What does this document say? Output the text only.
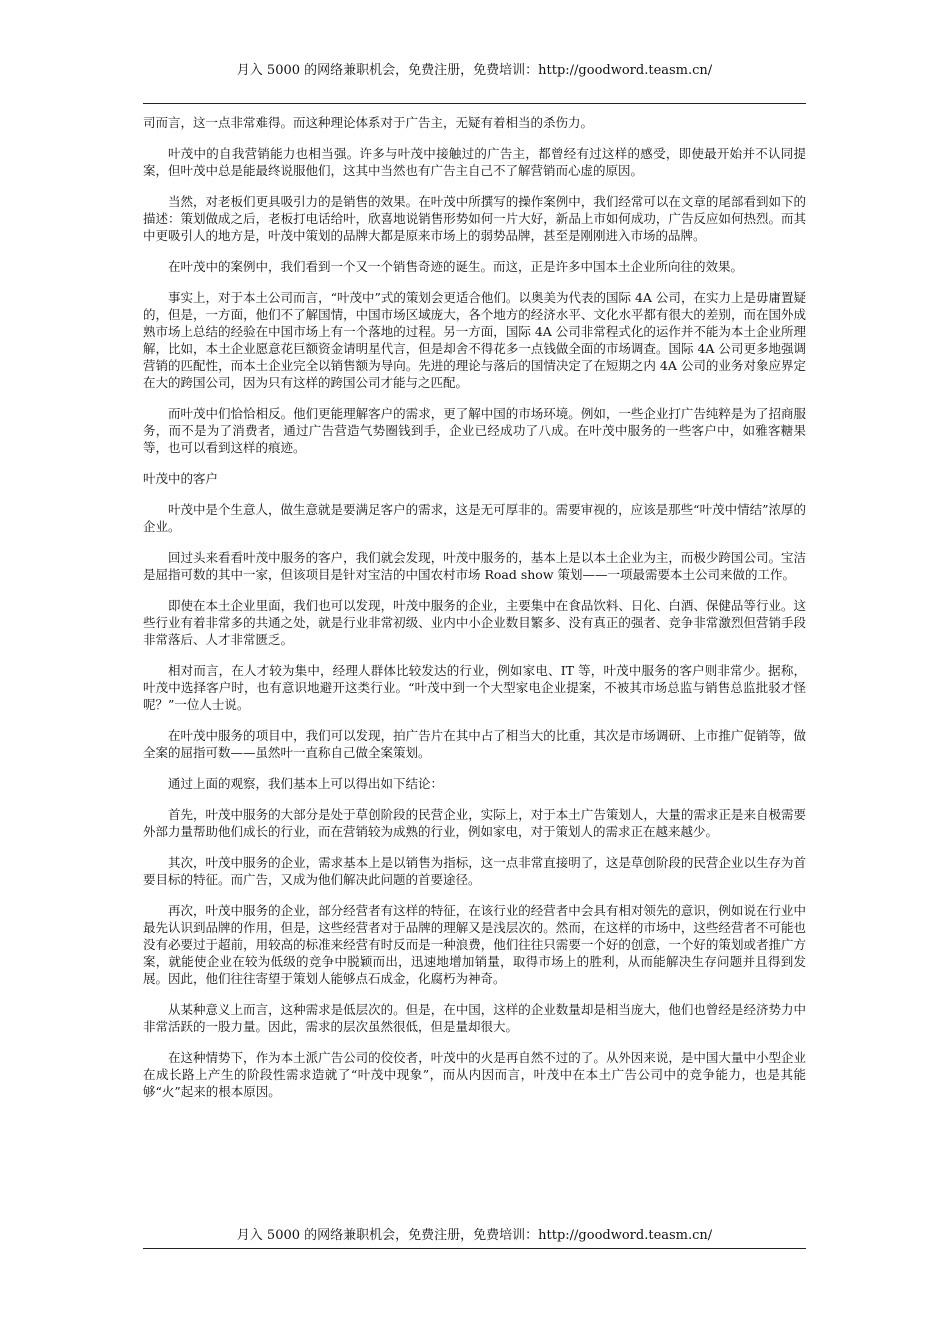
月入 5000 的网络兼职机会，免费注册，免费培训：http://goodword.teasm.cn/

司而言，这一点非常难得。而这种理论体系对于广告主，无疑有着相当的杀伤力。

叶茂中的自我营销能力也相当强。许多与叶茂中接触过的广告主，都曾经有过这样的感受，即使最开始并不认同提案，但叶茂中总是能最终说服他们，这其中当然也有广告主自己不了解营销而心虚的原因。

当然，对老板们更具吸引力的是销售的效果。在叶茂中所撰写的操作案例中，我们经常可以在文章的尾部看到如下的描述：策划做成之后，老板打电话给叶，欣喜地说销售形势如何一片大好，新品上市如何成功，广告反应如何热烈。而其中更吸引人的地方是，叶茂中策划的品牌大都是原来市场上的弱势品牌，甚至是刚刚进入市场的品牌。

在叶茂中的案例中，我们看到一个又一个销售奇迹的诞生。而这，正是许多中国本土企业所向往的效果。

事实上，对于本土公司而言，“叶茂中”式的策划会更适合他们。以奥美为代表的国际 4A 公司，在实力上是毋庸置疑的，但是，一方面，他们不了解国情，中国市场区域庞大，各个地方的经济水平、文化水平都有很大的差别，而在国外成熟市场上总结的经验在中国市场上有一个落地的过程。另一方面，国际 4A 公司非常程式化的运作并不能为本土企业所理解，比如，本土企业愿意花巨额资金请明星代言，但是却舍不得花多一点钱做全面的市场调查。国际 4A 公司更多地强调营销的匹配性，而本土企业完全以销售额为导向。先进的理论与落后的国情决定了在短期之内 4A 公司的业务对象应界定在大的跨国公司，因为只有这样的跨国公司才能与之匹配。

而叶茂中们恰恰相反。他们更能理解客户的需求，更了解中国的市场环境。例如，一些企业打广告纯粹是为了招商服务，而不是为了消费者，通过广告营造气势圈钱到手，企业已经成功了八成。在叶茂中服务的一些客户中，如雅客糖果等，也可以看到这样的痕迹。

叶茂中的客户

叶茂中是个生意人，做生意就是要满足客户的需求，这是无可厚非的。需要审视的，应该是那些“叶茂中情结”浓厚的企业。

回过头来看看叶茂中服务的客户，我们就会发现，叶茂中服务的，基本上是以本土企业为主，而极少跨国公司。宝洁是屈指可数的其中一家，但该项目是针对宝洁的中国农村市场 Road show 策划——一项最需要本土公司来做的工作。

即使在本土企业里面，我们也可以发现，叶茂中服务的企业，主要集中在食品饮料、日化、白酒、保健品等行业。这些行业有着非常多的共通之处，就是行业非常初级、业内中小企业数目繁多、没有真正的强者、竞争非常激烈但营销手段非常落后、人才非常匮乏。

相对而言，在人才较为集中，经理人群体比较发达的行业，例如家电、IT 等，叶茂中服务的客户则非常少。据称，叶茂中选择客户时，也有意识地避开这类行业。“叶茂中到一个大型家电企业提案，不被其市场总监与销售总监批驳才怪呢？”一位人士说。

在叶茂中服务的项目中，我们可以发现，拍广告片在其中占了相当大的比重，其次是市场调研、上市推广促销等，做全案的屈指可数——虽然叶一直称自己做全案策划。

通过上面的观察，我们基本上可以得出如下结论：

首先，叶茂中服务的大部分是处于草创阶段的民营企业，实际上，对于本土广告策划人，大量的需求正是来自极需要外部力量帮助他们成长的行业，而在营销较为成熟的行业，例如家电，对于策划人的需求正在越来越少。

其次，叶茂中服务的企业，需求基本上是以销售为指标，这一点非常直接明了，这是草创阶段的民营企业以生存为首要目标的特征。而广告，又成为他们解决此问题的首要途径。

再次，叶茂中服务的企业，部分经营者有这样的特征，在该行业的经营者中会具有相对领先的意识，例如说在行业中最先认识到品牌的作用，但是，这些经营者对于品牌的理解又是浅层次的。然而，在这样的市场中，这些经营者不可能也没有必要过于超前，用较高的标准来经营有时反而是一种浪费，他们往往只需要一个好的创意，一个好的策划或者推广方案，就能使企业在较为低级的竞争中脱颖而出，迅速地增加销量，取得市场上的胜利，从而能解决生存问题并且得到发展。因此，他们往往寄望于策划人能够点石成金，化腐朽为神奇。

从某种意义上而言，这种需求是低层次的。但是，在中国，这样的企业数量却是相当庞大，他们也曾经是经济势力中非常活跃的一股力量。因此，需求的层次虽然很低，但是量却很大。

在这种情势下，作为本土派广告公司的佼佼者，叶茂中的火是再自然不过的了。从外因来说，是中国大量中小型企业在成长路上产生的阶段性需求造就了“叶茂中现象”，而从内因而言，叶茂中在本土广告公司中的竞争能力，也是其能够“火”起来的根本原因。

月入 5000 的网络兼职机会，免费注册，免费培训：http://goodword.teasm.cn/
